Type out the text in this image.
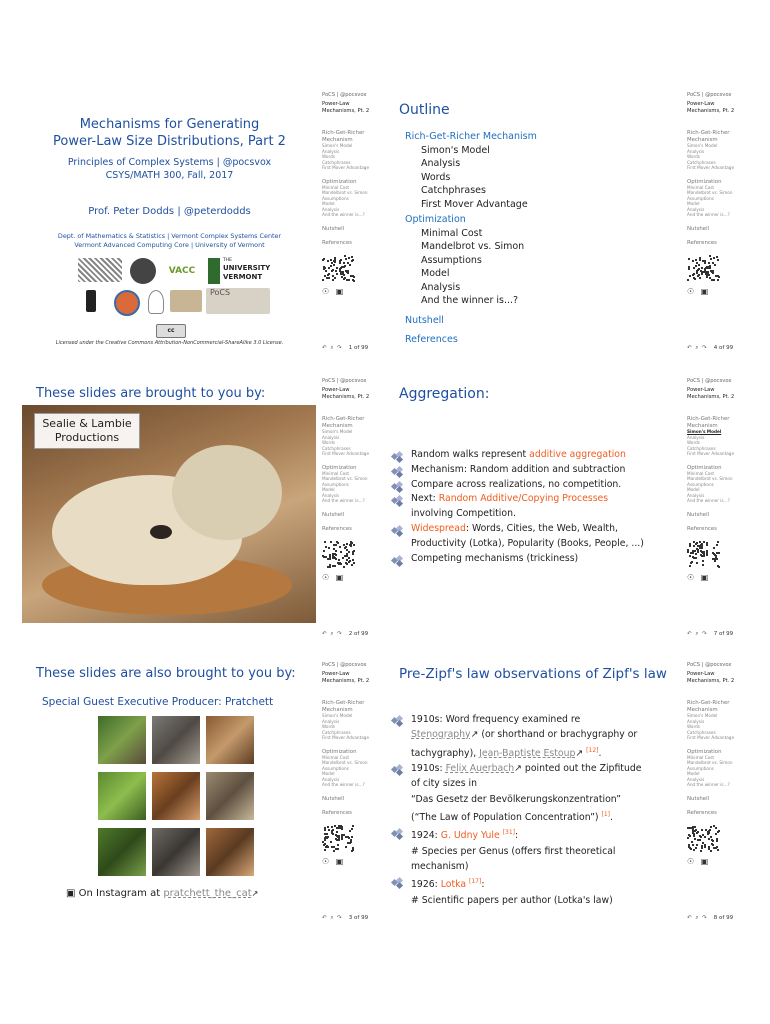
Mechanisms for Generating
Power-Law Size Distributions, Part 2
Principles of Complex Systems | @pocsvox
CSYS/MATH 300, Fall, 2017
Prof. Peter Dodds | @peterdodds
Dept. of Mathematics & Statistics | Vermont Complex Systems Center
Vermont Advanced Computing Core | University of Vermont
VACC
THE
UNIVERSITY
VERMONT
PoCS
cc
Licensed under the Creative Commons Attribution-NonCommercial-ShareAlike 3.0 License.
PoCS | @pocsvox
Power-Law
Mechanisms, Pt. 2
Rich-Get-Richer Mechanism
Simon's Model
Analysis
Words
Catchphrases
First Mover Advantage
Optimization
Minimal Cost
Mandelbrot vs. Simon
Assumptions
Model
Analysis
And the winner is...?
Nutshell
References
☉ ▣
↶ ⌕ ↷ 1 of 99
Outline
Rich-Get-Richer Mechanism
Simon's Model
Analysis
Words
Catchphrases
First Mover Advantage
Optimization
Minimal Cost
Mandelbrot vs. Simon
Assumptions
Model
Analysis
And the winner is...?
Nutshell
References
PoCS | @pocsvox
Power-Law
Mechanisms, Pt. 2
Rich-Get-Richer Mechanism
Simon's Model
Analysis
Words
Catchphrases
First Mover Advantage
Optimization
Minimal Cost
Mandelbrot vs. Simon
Assumptions
Model
Analysis
And the winner is...?
Nutshell
References
☉ ▣
↶ ⌕ ↷ 4 of 99
These slides are brought to you by:
Sealie & Lambie
Productions
PoCS | @pocsvox
Power-Law
Mechanisms, Pt. 2
Rich-Get-Richer Mechanism
Simon's Model
Analysis
Words
Catchphrases
First Mover Advantage
Optimization
Minimal Cost
Mandelbrot vs. Simon
Assumptions
Model
Analysis
And the winner is...?
Nutshell
References
☉ ▣
↶ ⌕ ↷ 2 of 99
Aggregation:
Random walks represent additive aggregation
Mechanism: Random addition and subtraction
Compare across realizations, no competition.
Next: Random Additive/Copying Processes
involving Competition.
Widespread: Words, Cities, the Web, Wealth,
Productivity (Lotka), Popularity (Books, People, ...)
Competing mechanisms (trickiness)
PoCS | @pocsvox
Power-Law
Mechanisms, Pt. 2
Rich-Get-Richer Mechanism
Simon's Model
Analysis
Words
Catchphrases
First Mover Advantage
Optimization
Minimal Cost
Mandelbrot vs. Simon
Assumptions
Model
Analysis
And the winner is...?
Nutshell
References
☉ ▣
↶ ⌕ ↷ 7 of 99
These slides are also brought to you by:
Special Guest Executive Producer: Pratchett
▣ On Instagram at pratchett_the_cat↗
PoCS | @pocsvox
Power-Law
Mechanisms, Pt. 2
Rich-Get-Richer Mechanism
Simon's Model
Analysis
Words
Catchphrases
First Mover Advantage
Optimization
Minimal Cost
Mandelbrot vs. Simon
Assumptions
Model
Analysis
And the winner is...?
Nutshell
References
☉ ▣
↶ ⌕ ↷ 3 of 99
Pre-Zipf's law observations of Zipf's law
1910s: Word frequency examined re
Stenography↗ (or shorthand or brachygraphy or
tachygraphy), Jean-Baptiste Estoup↗ [12].
1910s: Felix Auerbach↗ pointed out the Zipfitude
of city sizes in
“Das Gesetz der Bevölkerungskonzentration”
(“The Law of Population Concentration”) [1].
1924: G. Udny Yule [31]:
# Species per Genus (offers first theoretical
mechanism)
1926: Lotka [17]:
# Scientific papers per author (Lotka's law)
PoCS | @pocsvox
Power-Law
Mechanisms, Pt. 2
Rich-Get-Richer Mechanism
Simon's Model
Analysis
Words
Catchphrases
First Mover Advantage
Optimization
Minimal Cost
Mandelbrot vs. Simon
Assumptions
Model
Analysis
And the winner is...?
Nutshell
References
☉ ▣
↶ ⌕ ↷ 8 of 99
